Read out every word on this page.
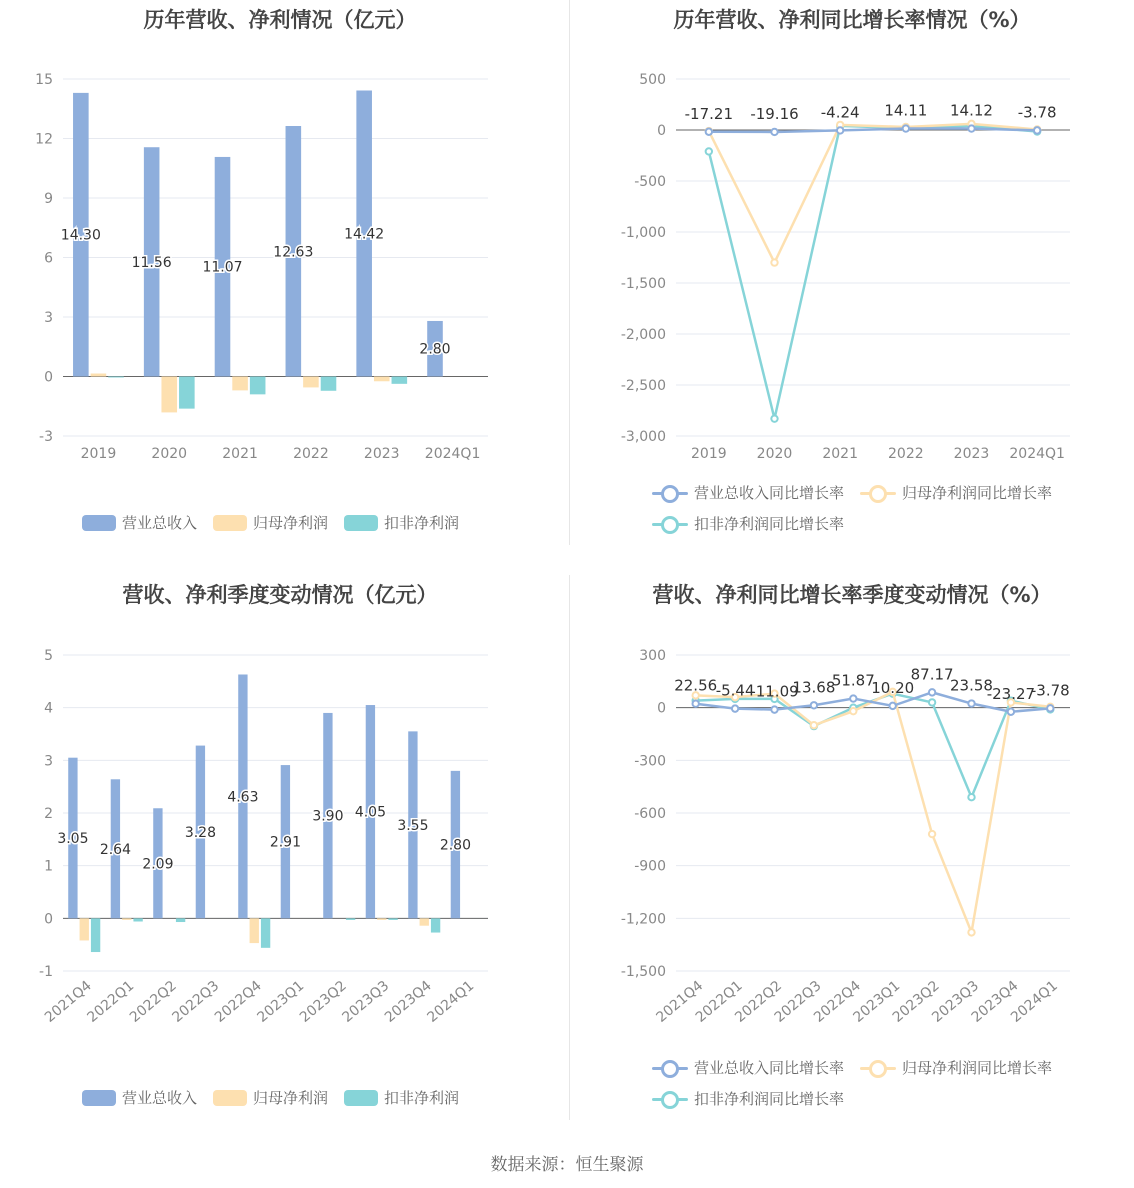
历年营收、净利情况（亿元）
-3
0
3
6
9
12
15
2019	2020	2021	2022	2023 2024Q1
14.30
11.56 11.07
12.63
14.42
2.80
营业总收入	归母净利润	扣非净利润
历年营收、净利同比增长率情况（%）
-3,000
-2,500
-2,000
-1,500
-1,000
-500
0
500
2019 2020 2021 2022 2023 2024Q1
-17.21 -19.16 -4.24 14.11 14.12 -3.78
营业总收入同比增长率	归母净利润同比增长率
扣非净利润同比增长率
营收、净利季度变动情况（亿元）
-1
0
1
2
3
4
5
2021Q4
2022Q1
2022Q2
2022Q3
2022Q4
2023Q1
2023Q2
2023Q3
2023Q4
2024Q1
3.05
2.64
2.09
3.28
4.63
2.91
3.90 4.05
3.55
2.80
营业总收入	归母净利润	扣非净利润
营收、净利同比增长率季度变动情况（%）
-1,500
-1,200
-900
-600
-300
0
300
2021Q4
2022Q1
2022Q2
2022Q3
2022Q4
2023Q1
2023Q2
2023Q3
2023Q4
2024Q1
22.56
-5.44
-11.09
13.68
51.87
10.20
87.17
23.58
-23.27
-3.78
营业总收入同比增长率	归母净利润同比增长率
扣非净利润同比增长率
数据来源：恒生聚源
